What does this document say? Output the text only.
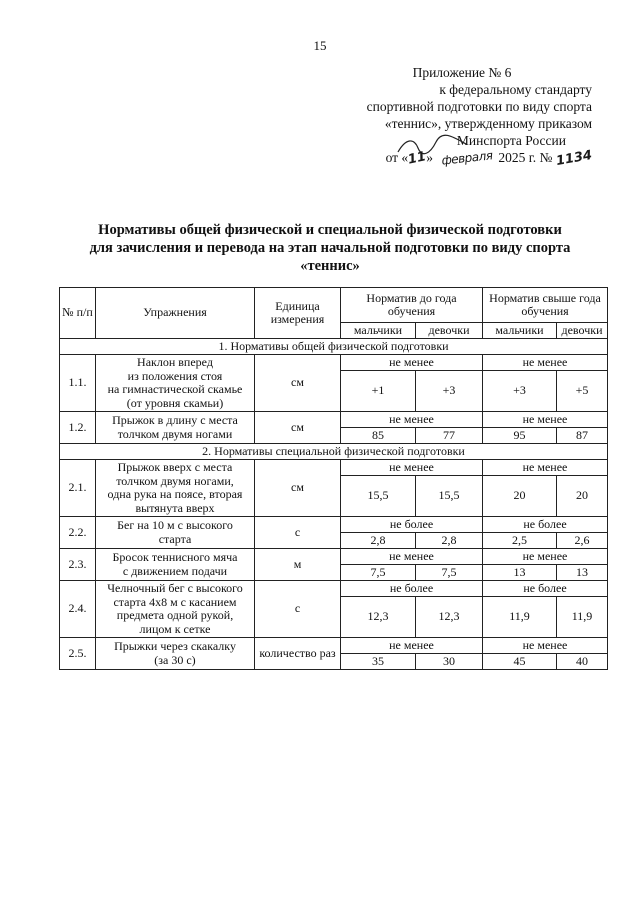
15
Приложение № 6
к федеральному стандарту
спортивной подготовки по виду спорта
«теннис», утвержденному приказом
Минспорта России
от «11» февраля 2025 г. № 1134
Нормативы общей физической и специальной физической подготовки
для зачисления и перевода на этап начальной подготовки по виду спорта
«теннис»
№ п/п	Упражнения	Единица измерения	Норматив до года обучения		Норматив свыше года обучения	
			мальчики	девочки	мальчики	девочки
1. Нормативы общей физической подготовки						
1.1.	Наклон вперед
из положения стоя
на гимнастической скамье
(от уровня скамьи)	см	не менее		не менее	
			+1	+3	+3	+5
1.2.	Прыжок в длину с места
толчком двумя ногами	см	не менее		не менее	
			85	77	95	87
2. Нормативы специальной физической подготовки						
2.1.	Прыжок вверх с места
толчком двумя ногами,
одна рука на поясе, вторая
вытянута вверх	см	не менее		не менее	
			15,5	15,5	20	20
2.2.	Бег на 10 м с высокого
старта	с	не более		не более	
			2,8	2,8	2,5	2,6
2.3.	Бросок теннисного мяча
с движением подачи	м	не менее		не менее	
			7,5	7,5	13	13
2.4.	Челночный бег с высокого
старта 4x8 м с касанием
предмета одной рукой,
лицом к сетке	с	не более		не более	
			12,3	12,3	11,9	11,9
2.5.	Прыжки через скакалку
(за 30 с)	количество раз	не менее		не менее	
			35	30	45	40
